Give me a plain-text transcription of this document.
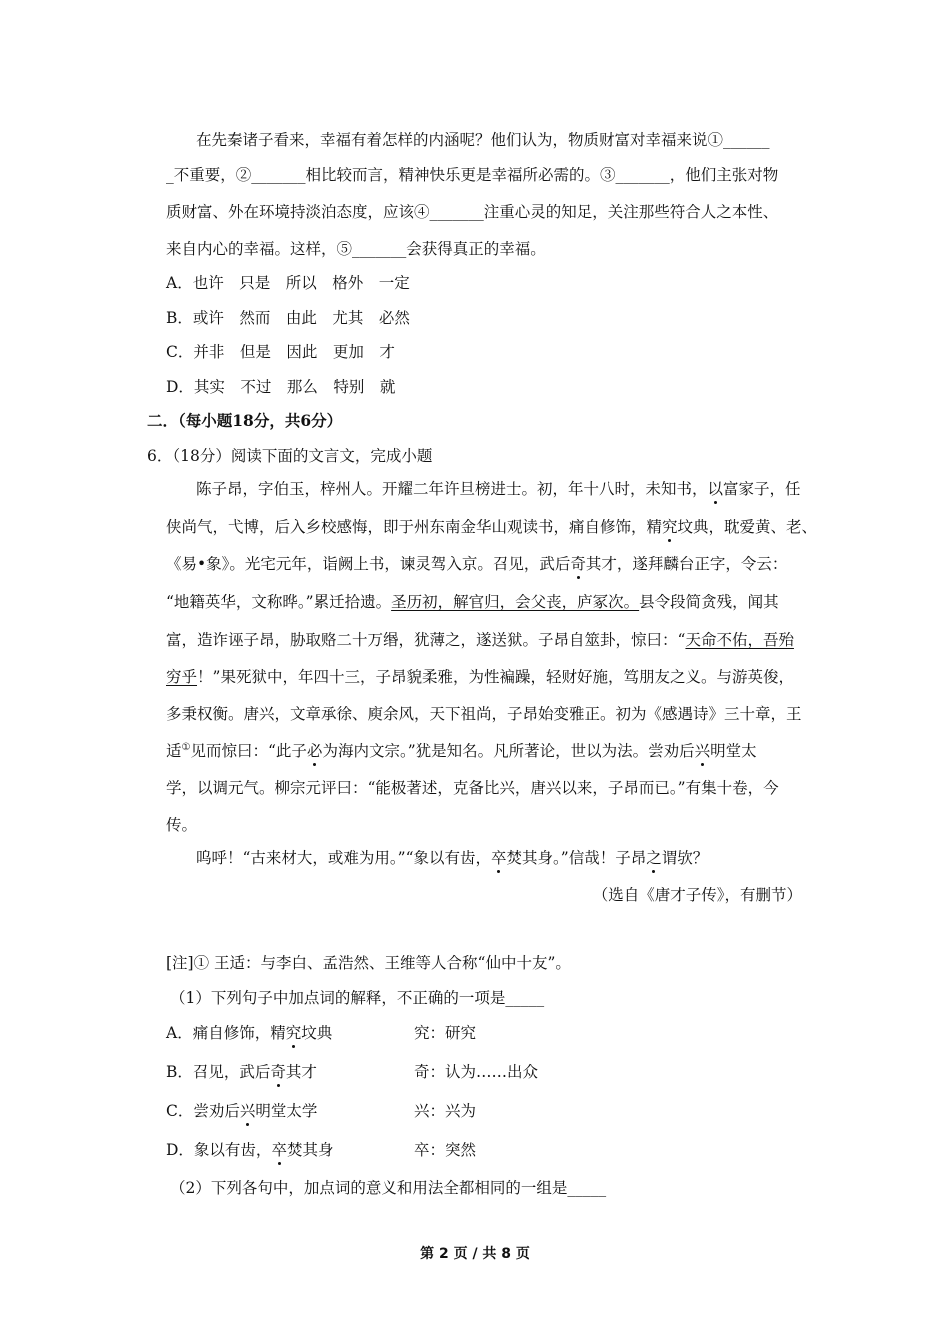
在先秦诸子看来，幸福有着怎样的内涵呢？他们认为，物质财富对幸福来说①______
_不重要，②_______相比较而言，精神快乐更是幸福所必需的。③_______，他们主张对物
质财富、外在环境持淡泊态度，应该④_______注重心灵的知足，关注那些符合人之本性、
来自内心的幸福。这样，⑤_______会获得真正的幸福。
A．也许　只是　所以　格外　一定
B．或许　然而　由此　尤其　必然
C．并非　但是　因此　更加　才
D．其实　不过　那么　特别　就
二．（每小题18分，共6分）
6．（18分）阅读下面的文言文，完成小题
陈子昂，字伯玉，梓州人。开耀二年许旦榜进士。初，年十八时，未知书，以富家子，任
侠尚气，弋博，后入乡校感悔，即于州东南金华山观读书，痛自修饰，精究坟典，耽爱黄、老、
《易•象》。光宅元年，诣阙上书，谏灵驾入京。召见，武后奇其才，遂拜麟台正字，令云：
“地籍英华，文称晔。”累迁拾遗。圣历初，解官归，会父丧，庐冢次。县令段简贪残，闻其
富，造诈诬子昂，胁取赂二十万缗，犹薄之，遂送狱。子昂自筮卦，惊曰：“天命不佑，吾殆
穷乎！”果死狱中，年四十三，子昂貌柔雅，为性褊躁，轻财好施，笃朋友之义。与游英俊，
多秉权衡。唐兴，文章承徐、庾余风，天下祖尚，子昂始变雅正。初为《感遇诗》三十章，王
适①见而惊曰：“此子必为海内文宗。”犹是知名。凡所著论，世以为法。尝劝后兴明堂太
学，以调元气。柳宗元评曰：“能极著述，克备比兴，唐兴以来，子昂而已。”有集十卷，今
传。
呜呼！“古来材大，或难为用。”“象以有齿，卒焚其身。”信哉！子昂之谓欤？
（选自《唐才子传》，有删节）
[注]① 王适：与李白、孟浩然、王维等人合称“仙中十友”。
（1）下列句子中加点词的解释，不正确的一项是_____
A．痛自修饰，精究坟典	究：研究
B．召见，武后奇其才	奇：认为……出众
C．尝劝后兴明堂太学	兴：兴为
D．象以有齿，卒焚其身	卒：突然
（2）下列各句中，加点词的意义和用法全都相同的一组是_____
第 2 页 / 共 8 页
